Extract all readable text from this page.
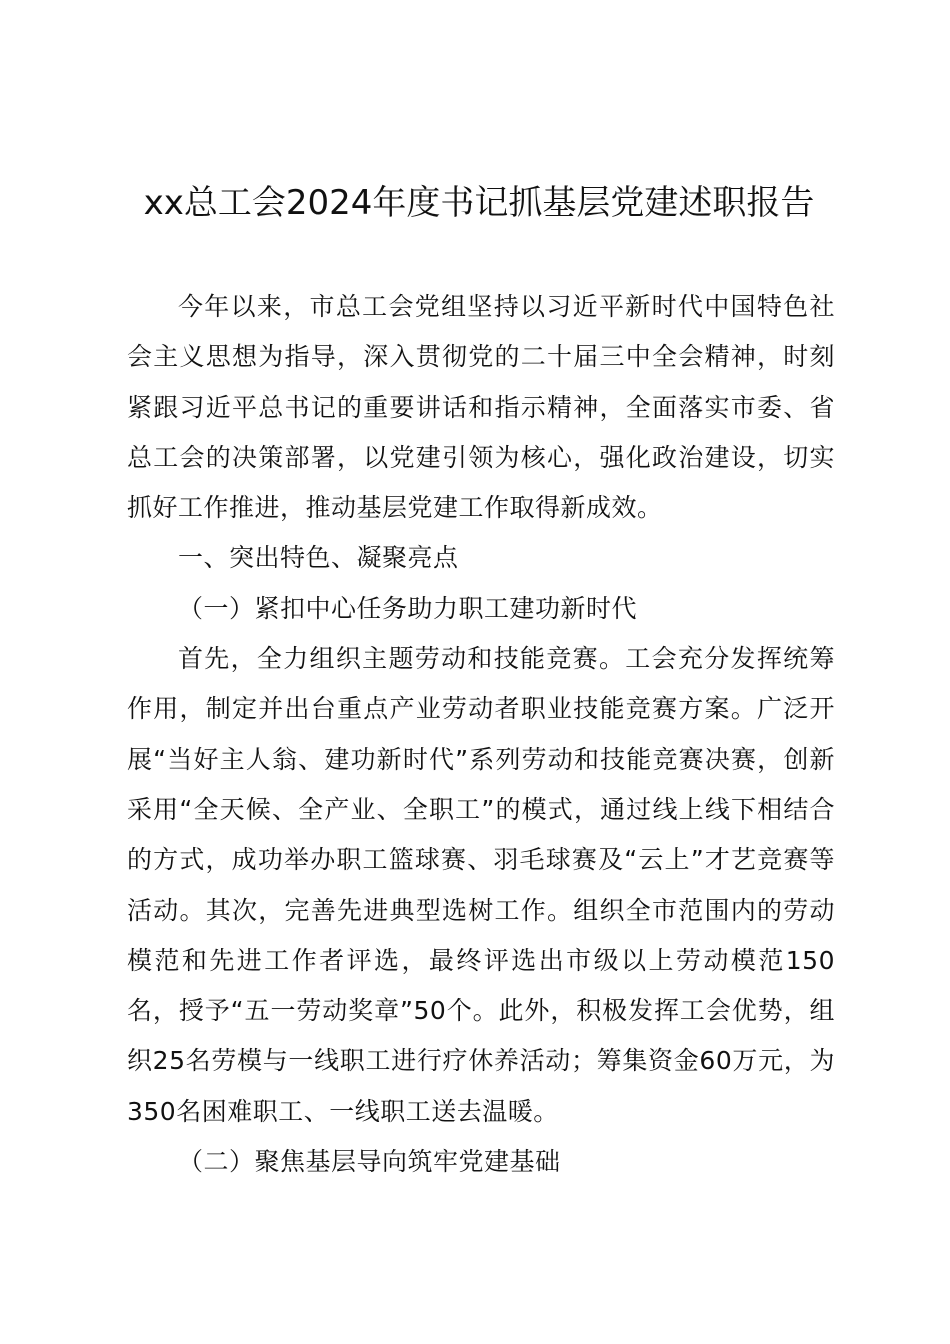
xx总工会2024年度书记抓基层党建述职报告

今年以来，市总工会党组坚持以习近平新时代中国特色社会主义思想为指导，深入贯彻党的二十届三中全会精神，时刻紧跟习近平总书记的重要讲话和指示精神，全面落实市委、省总工会的决策部署，以党建引领为核心，强化政治建设，切实抓好工作推进，推动基层党建工作取得新成效。

一、突出特色、凝聚亮点

（一）紧扣中心任务助力职工建功新时代

首先，全力组织主题劳动和技能竞赛。工会充分发挥统筹作用，制定并出台重点产业劳动者职业技能竞赛方案。广泛开展“当好主人翁、建功新时代”系列劳动和技能竞赛决赛，创新采用“全天候、全产业、全职工”的模式，通过线上线下相结合的方式，成功举办职工篮球赛、羽毛球赛及“云上”才艺竞赛等活动。其次，完善先进典型选树工作。组织全市范围内的劳动模范和先进工作者评选，最终评选出市级以上劳动模范150名，授予“五一劳动奖章”50个。此外，积极发挥工会优势，组织25名劳模与一线职工进行疗休养活动；筹集资金60万元，为350名困难职工、一线职工送去温暖。

（二）聚焦基层导向筑牢党建基础
